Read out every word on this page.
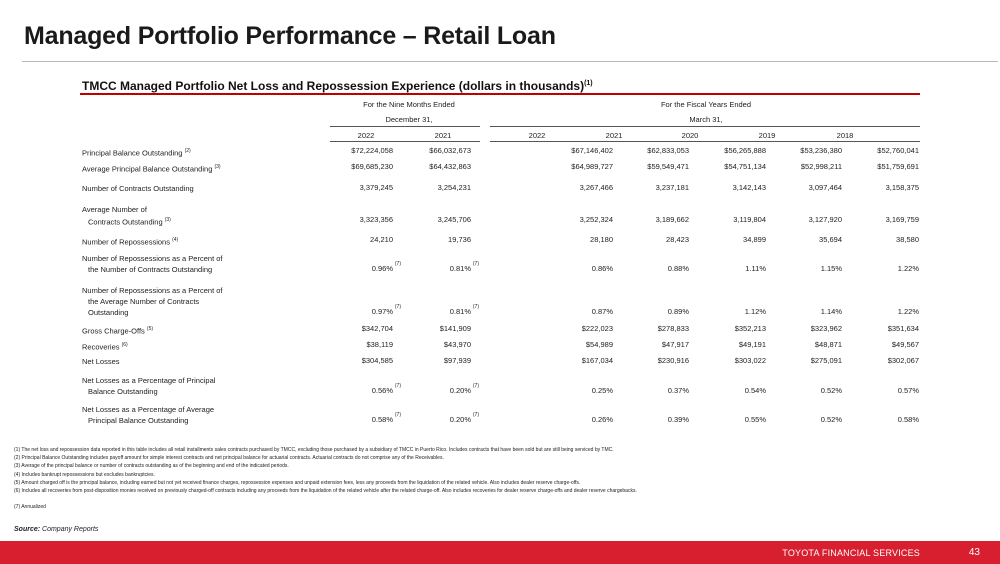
Managed Portfolio Performance – Retail Loan
TMCC Managed Portfolio Net Loss and Repossession Experience (dollars in thousands)$^{(1)}$
For the Nine Months Ended
December 31,
For the Fiscal Years Ended
March 31,
2022	2021	2022	2021	2020	2019	2018
Principal Balance Outstanding $^{(2)}$	$72,224,058	$66,032,673	$67,146,402	$62,833,053	$56,265,888	$53,236,380	$52,760,041
Average Principal Balance Outstanding $^{(3)}$	$69,685,230	$64,432,863	$64,989,727	$59,549,471	$54,751,134	$52,998,211	$51,759,691
Number of Contracts Outstanding	3,379,245	3,254,231	3,267,466	3,237,181	3,142,143	3,097,464	3,158,375
Average Number of
Contracts Outstanding $^{(3)}$	3,323,356	3,245,706	3,252,324	3,189,662	3,119,804	3,127,920	3,169,759
Number of Repossessions $^{(4)}$	24,210	19,736	28,180	28,423	34,899	35,694	38,580
Number of Repossessions as a Percent of
the Number of Contracts Outstanding	0.96% (7)	0.81% (7)	0.86%	0.88%	1.11%	1.15%	1.22%
Number of Repossessions as a Percent of
the Average Number of Contracts
Outstanding	0.97% (7)	0.81% (7)	0.87%	0.89%	1.12%	1.14%	1.22%
Gross Charge-Offs $^{(5)}$	$342,704	$141,909	$222,023	$278,833	$352,213	$323,962	$351,634
Recoveries $^{(6)}$	$38,119	$43,970	$54,989	$47,917	$49,191	$48,871	$49,567
Net Losses	$304,585	$97,939	$167,034	$230,916	$303,022	$275,091	$302,067
Net Losses as a Percentage of Principal
Balance Outstanding	0.56% (7)	0.20% (7)	0.25%	0.37%	0.54%	0.52%	0.57%
Net Losses as a Percentage of Average
Principal Balance Outstanding	0.58% (7)	0.20% (7)	0.26%	0.39%	0.55%	0.52%	0.58%
(1) The net loss and repossession data reported in this table includes all retail installments sales contracts purchased by TMCC, excluding those purchased by a subsidiary of TMCC in Puerto Rico. Includes contracts that have been sold but are still being serviced by TMC.
(2) Principal Balance Outstanding includes payoff amount for simple interest contracts and net principal balance for actuarial contracts. Actuarial contracts do not comprise any of the Receivables.
(3) Average of the principal balance or number of contracts outstanding as of the beginning and end of the indicated periods.
(4) Includes bankrupt repossessions but excludes bankruptcies.
(5) Amount charged off is the principal balance, including earned but not yet received finance charges, repossession expenses and unpaid extension fees, less any proceeds from the liquidation of the related vehicle. Also includes dealer reserve charge-offs.
(6) Includes all recoveries from post-disposition monies received on previously charged-off contracts including any proceeds from the liquidation of the related vehicle after the related charge-off. Also includes recoveries for dealer reserve charge-offs and dealer reserve chargebacks.
(7) Annualized
Source: Company Reports
TOYOTA FINANCIAL SERVICES	43
